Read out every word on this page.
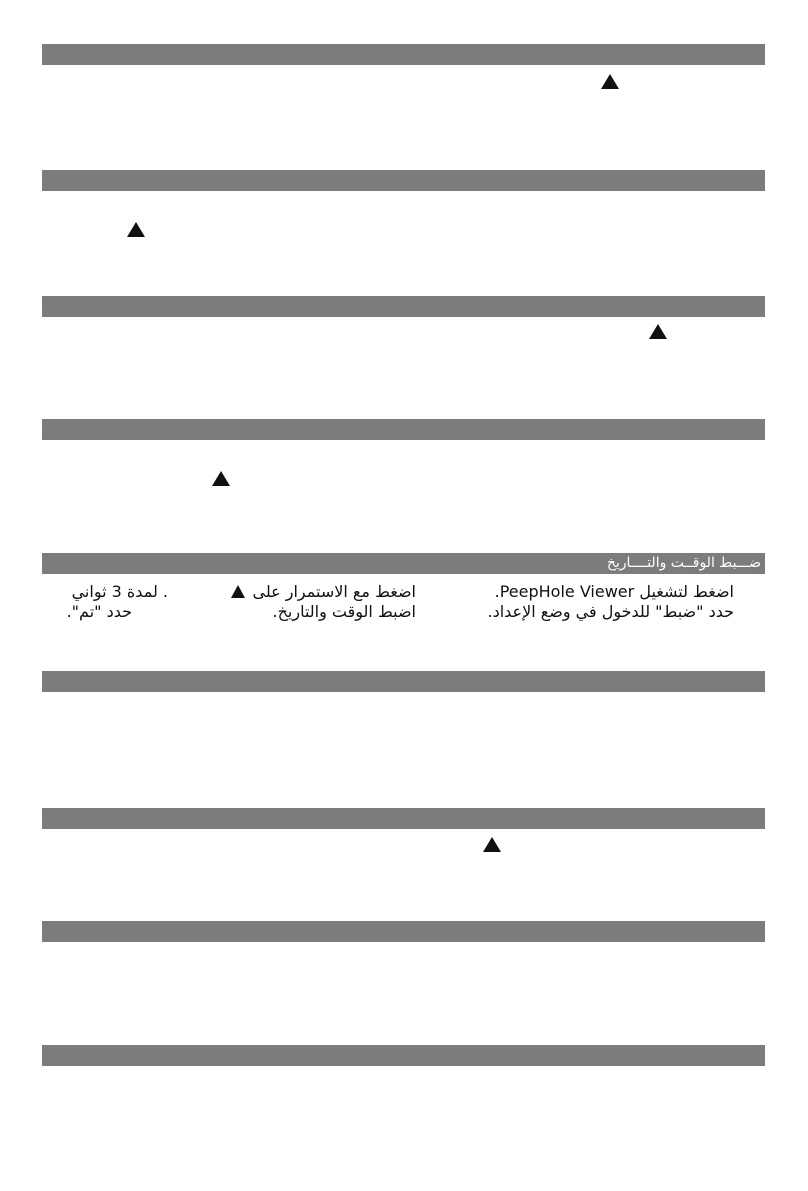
ضـــبط الوقــت والتــــاريخ
اضغط لتشغيل PeepHole Viewer.
حدد "ضبط" للدخول في وضع الإعداد.
اضغط مع الاستمرار على
اضبط الوقت والتاريخ.
. لمدة 3 ثواني
حدد "تم".
